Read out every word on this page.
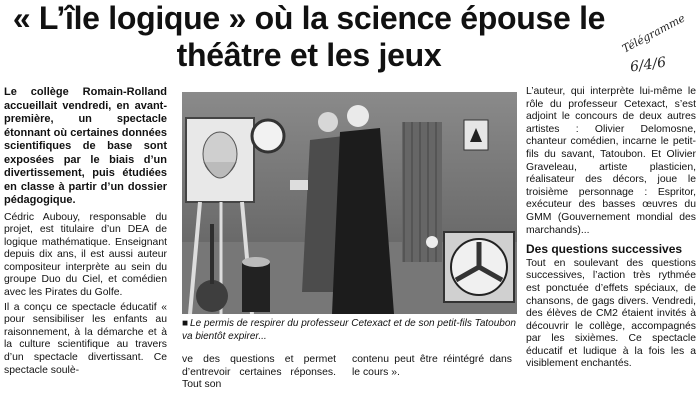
« L’île logique » où la science épouse le théâtre et les jeux	Télégramme
6/4/6

Le collège Romain-Rolland accueillait vendredi, en avant-première, un spectacle étonnant où certaines données scientifiques de base sont exposées par le biais d’un divertissement, puis étudiées en classe à partir d’un dossier pédagogique.

Cédric Aubouy, responsable du projet, est titulaire d’un DEA de logique mathématique. Enseignant depuis dix ans, il est aussi auteur compositeur interprète au sein du groupe Duo du Ciel, et comédien avec les Pirates du Golfe.

Il a conçu ce spectacle éducatif « pour sensibiliser les enfants au raisonnement, à la démarche et à la culture scientifique au travers d’un spectacle divertissant. Ce spectacle soulè-

■ Le permis de respirer du professeur Cetexact et de son petit-fils Tatoubon va bientôt expirer...

ve des questions et permet d’entrevoir certaines réponses. Tout son

contenu peut être réintégré dans le cours ».

L’auteur, qui interprète lui-même le rôle du professeur Cetexact, s’est adjoint le concours de deux autres artistes : Olivier Delomosne, chanteur comédien, incarne le petit-fils du savant, Tatoubon. Et Olivier Graveleau, artiste plasticien, réalisateur des décors, joue le troisième personnage : Espritor, exécuteur des basses œuvres du GMM (Gouvernement mondial des marchands)...

Des questions successives

Tout en soulevant des questions successives, l’action très rythmée est ponctuée d’effets spéciaux, de chansons, de gags divers. Vendredi, des élèves de CM2 étaient invités à découvrir le collège, accompagnés par les sixièmes. Ce spectacle éducatif et ludique à la fois les a visiblement enchantés.
